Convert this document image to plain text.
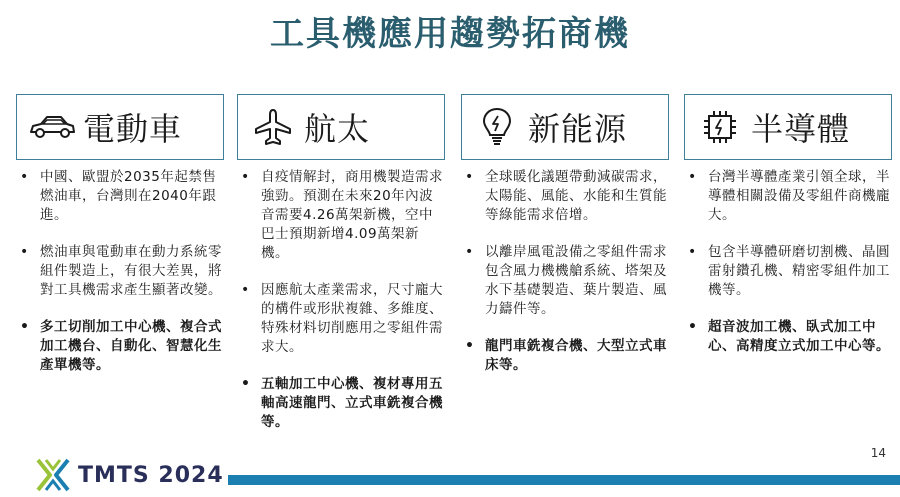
工具機應用趨勢拓商機
電動車
• 中國、歐盟於2035年起禁售燃油車，台灣則在2040年跟進。
• 燃油車與電動車在動力系統零組件製造上，有很大差異，將對工具機需求產生顯著改變。
• 多工切削加工中心機、複合式加工機台、自動化、智慧化生產單機等。
航太
• 自疫情解封，商用機製造需求強勁。預測在未來20年內波音需要4.26萬架新機，空中巴士預期新增4.09萬架新機。
• 因應航太產業需求，尺寸龐大的構件或形狀複雜、多維度、特殊材料切削應用之零組件需求大。
• 五軸加工中心機、複材專用五軸高速龍門、立式車銑複合機等。
新能源
• 全球暖化議題帶動減碳需求，太陽能、風能、水能和生質能等綠能需求倍增。
• 以離岸風電設備之零組件需求包含風力機機艙系統、塔架及水下基礎製造、葉片製造、風力鑄件等。
• 龍門車銑複合機、大型立式車床等。
半導體
• 台灣半導體產業引領全球，半導體相關設備及零組件商機龐大。
• 包含半導體研磨切割機、晶圓雷射鑽孔機、精密零組件加工機等。
• 超音波加工機、臥式加工中心、高精度立式加工中心等。
TMTS 2024
14
